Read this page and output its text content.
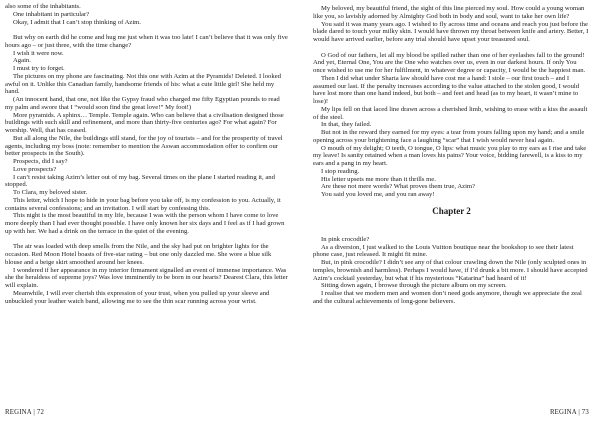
also some of the inhabitants.

One inhabitant in particular?

Okay, I admit that I can’t stop thinking of Azim.

But why on earth did he come and hug me just when it was too late! I can’t believe that it was only five hours ago – or just three, with the time change?

I wish it were now.

Again.

I must try to forget.

The pictures on my phone are fascinating. Not this one with Azim at the Pyramids! Deleted. I looked awful on it. Unlike this Canadian family, handsome friends of his: what a cute little girl! She held my hand.

(An innocent hand, that one, not like the Gypsy fraud who charged me fifty Egyptian pounds to read my palm and swore that I “would soon find the great love!” My foot!)

More pyramids. A sphinx… Temple. Temple again. Who can believe that a civilisation designed those buildings with such skill and refinement, and more than thirty-five centuries ago? For what again? For worship. Well, that has ceased.

But all along the Nile, the buildings still stand, for the joy of tourists – and for the prosperity of travel agents, including my boss (note: remember to mention the Aswan accommodation offer to confirm our better prospects in the South).

Prospects, did I say?

Love prospects?

I can’t resist taking Azim’s letter out of my bag. Several times on the plane I started reading it, and stopped.

To Clara, my beloved sister.

This letter, which I hope to hide in your bag before you take off, is my confession to you. Actually, it contains several confessions; and an invitation. I will start by confessing this.

This night is the most beautiful in my life, because I was with the person whom I have come to love more deeply than I had ever thought possible. I have only known her six days and I feel as if I had grown up with her. We had a drink on the terrace in the quiet of the evening.

The air was loaded with deep smells from the Nile, and the sky had put on brighter lights for the occasion. Red Moon Hotel boasts of five-star rating – but one only dazzled me. She wore a blue silk blouse and a beige skirt smoothed around her knees.

I wondered if her appearance in my interior firmament signalled an event of immense importance. Was she the heraldess of supreme joys? Was love imminently to be born in our hearts? Dearest Clara, this letter will explain.

Meanwhile, I will ever cherish this expression of your trust, when you pulled up your sleeve and unbuckled your leather watch band, allowing me to see the thin scar running across your wrist.

REGINA | 72

My beloved, my beautiful friend, the sight of this line pierced my soul. How could a young woman like you, so lavishly adorned by Almighty God both in body and soul, want to take her own life?

You said it was many years ago. I wished to fly across time and oceans and reach you just before the blade dared to touch your milky skin. I would have thrown my throat between knife and artery. Better, I would have arrived earlier, before any trial should have upset your treasured soul.

O God of our fathers, let all my blood be spilled rather than one of her eyelashes fall to the ground! And yet, Eternal One, You are the One who watches over us, even in our darkest hours. If only You once wished to use me for her fulfilment, in whatever degree or capacity, I would be the happiest man.

Then I did what under Sharia law should have cost me a hand: I stole – our first touch – and I assumed our last. If the penalty increases according to the value attached to the stolen good, I would have lost more than one hand indeed, but both – and feet and head (as to my heart, it wasn’t mine to lose)!

My lips fell on that laced line drawn across a cherished limb, wishing to erase with a kiss the assault of the steel.

In that, they failed.

But not in the reward they earned for my eyes: a tear from yours falling upon my hand; and a smile opening across your brightening face a laughing “scar” that I wish would never heal again.

O mouth of my delight; O teeth, O tongue, O lips: what music you play to my ears as I rise and take my leave! Is sanity retained when a man loves his pains? Your voice, bidding farewell, is a kiss to my ears and a pang in my heart.

I stop reading.

His letter upsets me more than it thrills me.

Are these not mere words? What proves them true, Azim?

You said you loved me, and you ran away!

Chapter 2

In pink crocodile?

As a diversion, I just walked to the Louis Vuitton boutique near the bookshop to see their latest phone case, just released. It might fit mine.

But, in pink crocodile? I didn’t see any of that colour crawling down the Nile (only sculpted ones in temples, brownish and harmless). Perhaps I would have, if I’d drunk a bit more. I should have accepted Azim’s cocktail yesterday, but what if his mysterious “Katarina” had heard of it!

Sitting down again, I browse through the picture album on my screen.

I realise that we modern men and women don’t need gods anymore, though we appreciate the zeal and the cultural achievements of long-gone believers.

REGINA | 73
